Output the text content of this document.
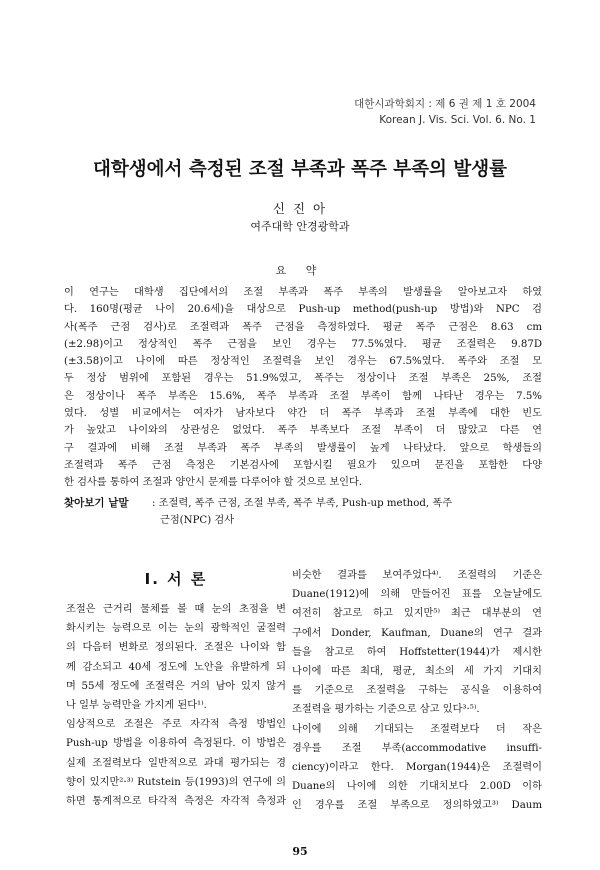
대한시과학회지 : 제 6 권 제 1 호 2004
Korean J. Vis. Sci. Vol. 6. No. 1
대학생에서 측정된 조절 부족과 폭주 부족의 발생률
신 진 아
여주대학 안경광학과
요 약
이 연구는 대학생 집단에서의 조절 부족과 폭주 부족의 발생률을 알아보고자 하였
다. 160명(평균 나이 20.6세)을 대상으로 Push-up method(push-up 방법)와 NPC 검
사(폭주 근점 검사)로 조절력과 폭주 근점을 측정하였다. 평균 폭주 근점은 8.63 cm
(±2.98)이고 정상적인 폭주 근점을 보인 경우는 77.5%였다. 평균 조절력은 9.87D
(±3.58)이고 나이에 따른 정상적인 조절력을 보인 경우는 67.5%였다. 폭주와 조절 모
두 정상 범위에 포함된 경우는 51.9%였고, 폭주는 정상이나 조절 부족은 25%, 조절
은 정상이나 폭주 부족은 15.6%, 폭주 부족과 조절 부족이 함께 나타난 경우는 7.5%
였다. 성별 비교에서는 여자가 남자보다 약간 더 폭주 부족과 조절 부족에 대한 빈도
가 높았고 나이와의 상관성은 없었다. 폭주 부족보다 조절 부족이 더 많았고 다른 연
구 결과에 비해 조절 부족과 폭주 부족의 발생률이 높게 나타났다. 앞으로 학생들의
조절력과 폭주 근점 측정은 기본검사에 포함시킬 필요가 있으며 문진을 포함한 다양
한 검사를 통하여 조절과 양안시 문제를 다루어야 할 것으로 보인다.
찾아보기 낱말 : 조절력, 폭주 근점, 조절 부족, 폭주 부족, Push-up method, 폭주
근점(NPC) 검사
Ⅰ. 서 론
조절은 근거리 물체를 볼 때 눈의 초점을 변
화시키는 능력으로 이는 눈의 광학적인 굴절력
의 다음터 변화로 정의된다. 조절은 나이와 함
께 감소되고 40세 정도에 노안을 유발하게 되
며 55세 정도에 조절력은 거의 남아 있지 않거
나 일부 능력만을 가지게 된다¹⁾.
임상적으로 조절은 주로 자각적 측정 방법인
Push-up 방법을 이용하여 측정된다. 이 방법은
실제 조절력보다 일반적으로 과대 평가되는 경
향이 있지만²·³⁾ Rutstein 등(1993)의 연구에 의
하면 통계적으로 타각적 측정은 자각적 측정과
비슷한 결과를 보여주었다⁴⁾. 조절력의 기준은
Duane(1912)에 의해 만들어진 표를 오늘날에도
여전히 참고로 하고 있지만⁵⁾ 최근 대부분의 연
구에서 Donder, Kaufman, Duane의 연구 결과
들을 참고로 하여 Hoffstetter(1944)가 제시한
나이에 따른 최대, 평균, 최소의 세 가지 기대치
를 기준으로 조절력을 구하는 공식을 이용하여
조절력을 평가하는 기준으로 삼고 있다³·⁵⁾.
나이에 의해 기대되는 조절력보다 더 작은
경우를 조절 부족(accommodative insuffi-
ciency)이라고 한다. Morgan(1944)은 조절력이
Duane의 나이에 의한 기대치보다 2.00D 이하
인 경우를 조절 부족으로 정의하였고³⁾ Daum
95
